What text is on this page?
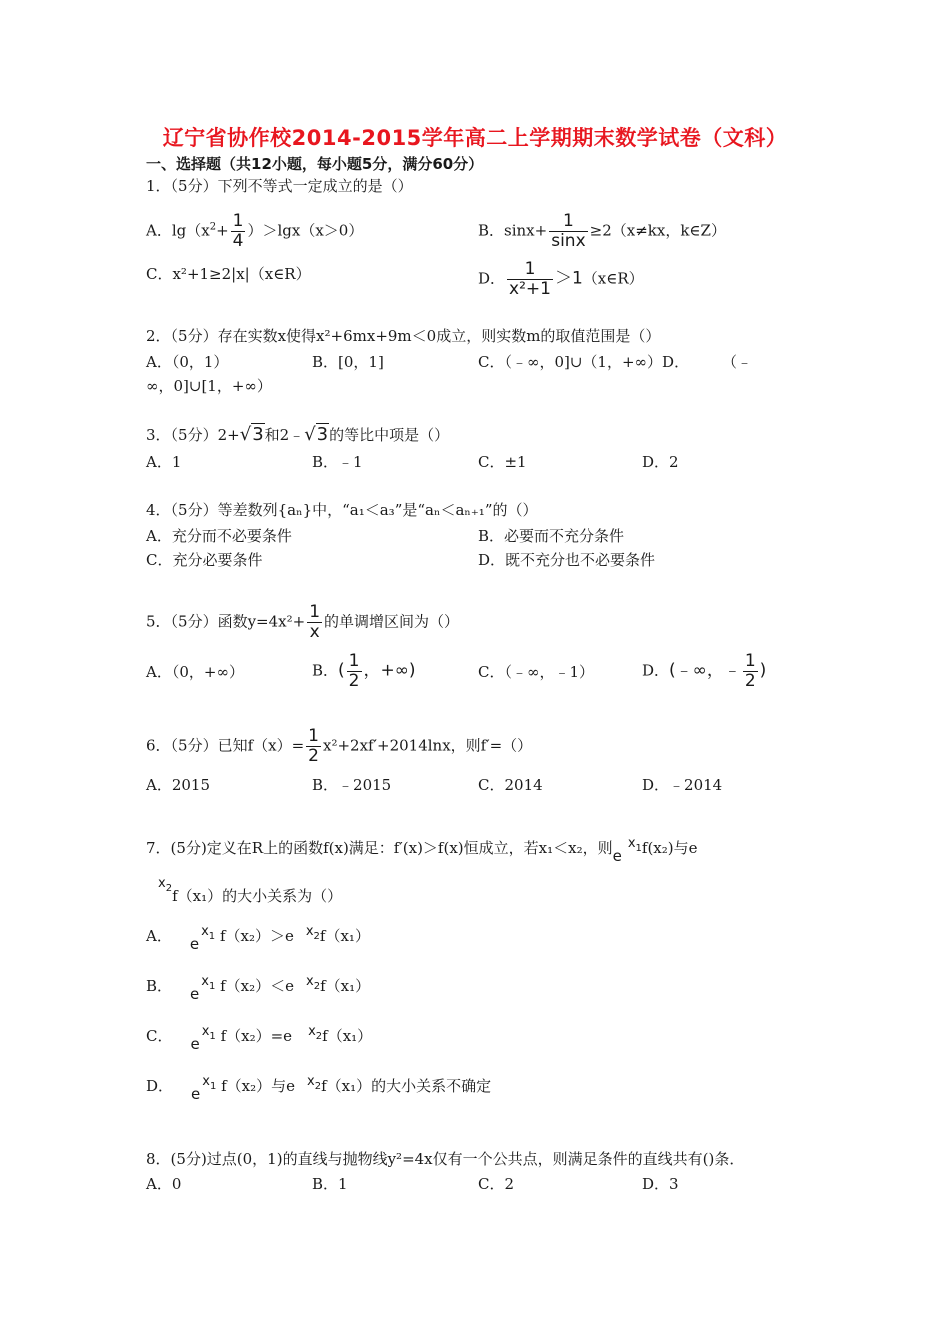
辽宁省协作校2014-2015学年高二上学期期末数学试卷（文科）
一、选择题（共12小题，每小题5分，满分60分）
1．（5分）下列不等式一定成立的是（）
A．$\lg(x^2+ \frac{1}{4} )>\lg x(x>0)$	B．$\sin x+ \frac{1}{\sin x} \ge 2(x\ne kx$，k∈Z）
C．x²+1≥2|x|（x∈R）	D． $\frac{1}{\text{x²+1}}$ ＞1（x∈R）
2．（5分）存在实数x使得x²+6mx+9m＜0成立，则实数m的取值范围是（）
A．（0，1）	B．[0，1]	C．（﹣∞，0]∪（1，+∞）D． （﹣
∞，0]∪[1，+∞）
3．（5分）2+√3和2﹣√3的等比中项是（）
A．1	B．﹣1	C．±1	D．2
4．（5分）等差数列{aₙ}中，“a₁＜a₃”是“aₙ＜aₙ₊₁”的（）
A．充分而不必要条件	B．必要而不充分条件
C．充分必要条件	D．既不充分也不必要条件
5．（5分）函数$y=4x^2+ \frac{1}{x}$ 的单调增区间为（）
A．（0，+∞）	B．( $\frac{1}{2}$ ，+∞)	C．（﹣∞，﹣1）	D．(﹣∞，﹣ $\frac{1}{2}$ )
6．（5分）已知$f(x)= \frac{1}{2} x^2+2xf'+2014\ln x$，则f′=（）
A．2015	B．﹣2015	C．2014	D．﹣2014
7．(5分)定义在R上的函数f(x)满足：f′(x)＞f(x)恒成立，若x₁＜x₂，则ex1f(x₂)与e
x2f（x₁）的大小关系为（）
A． ex1 f（x₂）＞e x2f（x₁）
B． ex1 f（x₂）＜e x2f（x₁）
C． ex1 f（x₂）=e x2f（x₁）
D． ex1 f（x₂）与e x2f（x₁）的大小关系不确定
8．(5分)过点(0，1)的直线与抛物线y²=4x仅有一个公共点，则满足条件的直线共有()条．
A．0	B．1	C．2	D．3
